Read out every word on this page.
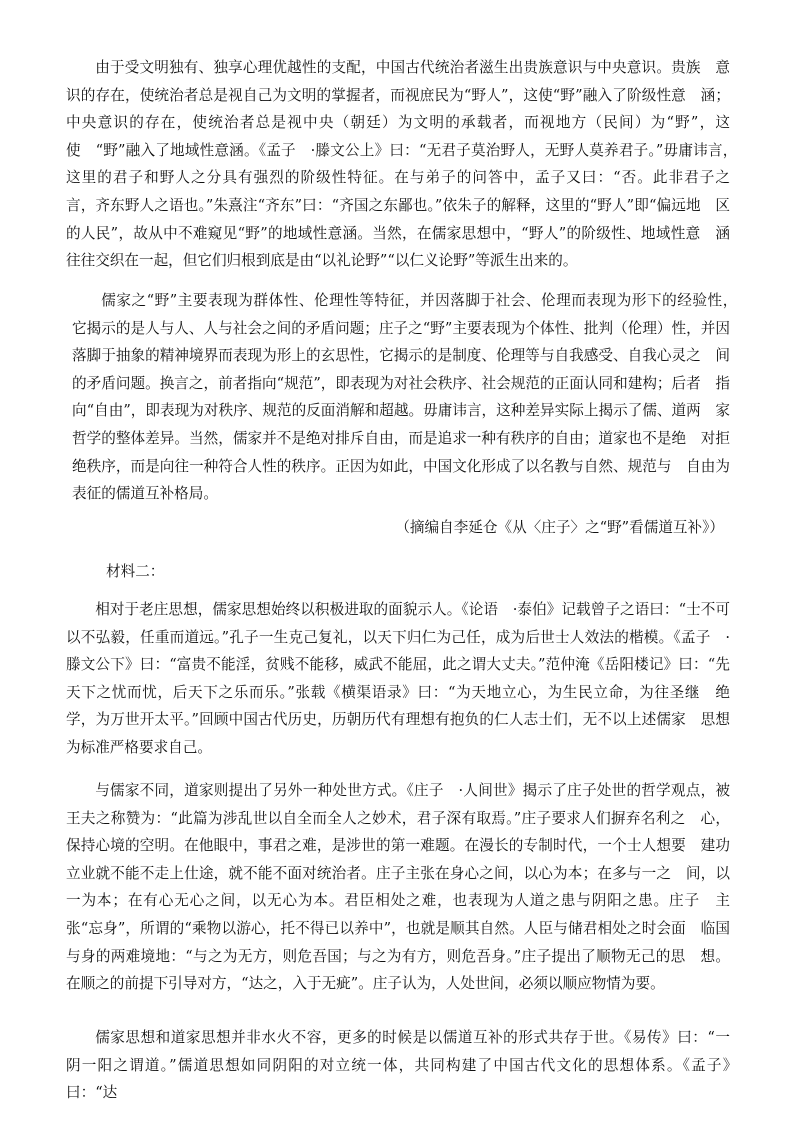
由于受文明独有、独享心理优越性的支配，中国古代统治者滋生出贵族意识与中央意识。贵族　意识的存在，使统治者总是视自己为文明的掌握者，而视庶民为“野人”，这使“野”融入了阶级性意　涵；中央意识的存在，使统治者总是视中央（朝廷）为文明的承载者，而视地方（民间）为“野”，这使　“野”融入了地域性意涵。《孟子　·滕文公上》曰：“无君子莫治野人，无野人莫养君子。”毋庸讳言，　这里的君子和野人之分具有强烈的阶级性特征。在与弟子的问答中，孟子又曰：“否。此非君子之　言，齐东野人之语也。”朱熹注“齐东”曰：“齐国之东鄙也。”依朱子的解释，这里的“野人”即“偏远地　区的人民”，故从中不难窥见“野”的地域性意涵。当然，在儒家思想中，“野人”的阶级性、地域性意　涵往往交织在一起，但它们归根到底是由“以礼论野”“以仁义论野”等派生出来的。

儒家之“野”主要表现为群体性、伦理性等特征，并因落脚于社会、伦理而表现为形下的经验性，　它揭示的是人与人、人与社会之间的矛盾问题；庄子之“野”主要表现为个体性、批判（伦理）性，并因　落脚于抽象的精神境界而表现为形上的玄思性，它揭示的是制度、伦理等与自我感受、自我心灵之　间的矛盾问题。换言之，前者指向“规范”，即表现为对社会秩序、社会规范的正面认同和建构；后者　指向“自由”，即表现为对秩序、规范的反面消解和超越。毋庸讳言，这种差异实际上揭示了儒、道两　家哲学的整体差异。当然，儒家并不是绝对排斥自由，而是追求一种有秩序的自由；道家也不是绝　对拒绝秩序，而是向往一种符合人性的秩序。正因为如此，中国文化形成了以名教与自然、规范与　自由为表征的儒道互补格局。

（摘编自李延仓《从〈庄子〉之“野”看儒道互补》）
材料二：

相对于老庄思想，儒家思想始终以积极进取的面貌示人。《论语　·泰伯》记载曾子之语曰：“士不可以不弘毅，任重而道远。”孔子一生克己复礼，以天下归仁为己任，成为后世士人效法的楷模。《孟子　·滕文公下》曰：“富贵不能淫，贫贱不能移，威武不能屈，此之谓大丈夫。”范仲淹《岳阳楼记》曰：“先天下之忧而忧，后天下之乐而乐。”张载《横渠语录》曰：“为天地立心，为生民立命，为往圣继　绝学，为万世开太平。”回顾中国古代历史，历朝历代有理想有抱负的仁人志士们，无不以上述儒家　思想为标准严格要求自己。

与儒家不同，道家则提出了另外一种处世方式。《庄子　·人间世》揭示了庄子处世的哲学观点，被王夫之称赞为：“此篇为涉乱世以自全而全人之妙术，君子深有取焉。”庄子要求人们摒弃名利之　心，保持心境的空明。在他眼中，事君之难，是涉世的第一难题。在漫长的专制时代，一个士人想要　建功立业就不能不走上仕途，就不能不面对统治者。庄子主张在身心之间，以心为本；在多与一之　间，以一为本；在有心无心之间，以无心为本。君臣相处之难，也表现为人道之患与阴阳之患。庄子　主张“忘身”，所谓的“乘物以游心，托不得已以养中”，也就是顺其自然。人臣与储君相处之时会面　临国与身的两难境地：“与之为无方，则危吾国；与之为有方，则危吾身。”庄子提出了顺物无己的思　想。在顺之的前提下引导对方，“达之，入于无疵”。庄子认为，人处世间，必须以顺应物情为要。

儒家思想和道家思想并非水火不容，更多的时候是以儒道互补的形式共存于世。《易传》曰：“一　阴一阳之谓道。”儒道思想如同阴阳的对立统一体，共同构建了中国古代文化的思想体系。《孟子》　曰：“达
